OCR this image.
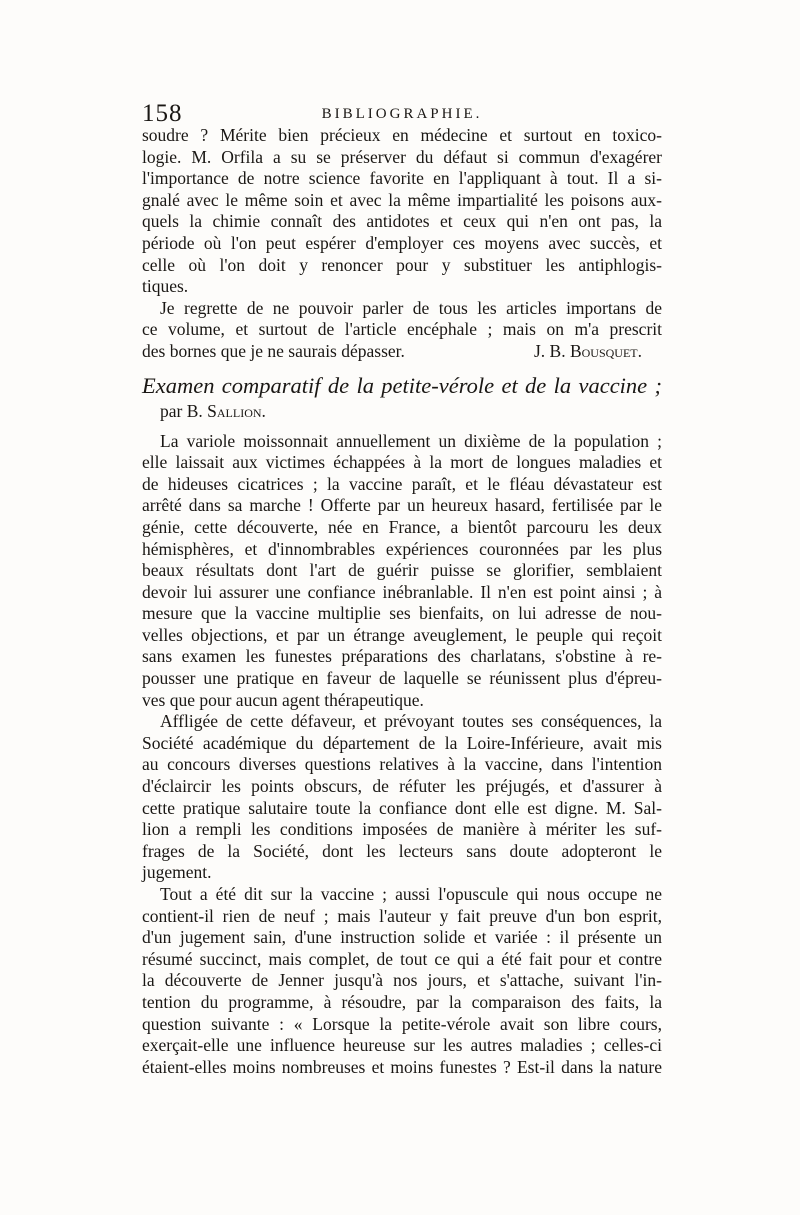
158	BIBLIOGRAPHIE.
soudre ? Mérite bien précieux en médecine et surtout en toxico-
logie. M. Orfila a su se préserver du défaut si commun d'exagérer
l'importance de notre science favorite en l'appliquant à tout. Il a si-
gnalé avec le même soin et avec la même impartialité les poisons aux-
quels la chimie connaît des antidotes et ceux qui n'en ont pas, la
période où l'on peut espérer d'employer ces moyens avec succès, et
celle où l'on doit y renoncer pour y substituer les antiphlogis-
tiques.
Je regrette de ne pouvoir parler de tous les articles importans de
ce volume, et surtout de l'article encéphale ; mais on m'a prescrit
des bornes que je ne saurais dépasser.	J. B. Bousquet.
Examen comparatif de la petite-vérole et de la vaccine ;
par B. Sallion.
La variole moissonnait annuellement un dixième de la population ;
elle laissait aux victimes échappées à la mort de longues maladies et
de hideuses cicatrices ; la vaccine paraît, et le fléau dévastateur est
arrêté dans sa marche ! Offerte par un heureux hasard, fertilisée par le
génie, cette découverte, née en France, a bientôt parcouru les deux
hémisphères, et d'innombrables expériences couronnées par les plus
beaux résultats dont l'art de guérir puisse se glorifier, semblaient
devoir lui assurer une confiance inébranlable. Il n'en est point ainsi ; à
mesure que la vaccine multiplie ses bienfaits, on lui adresse de nou-
velles objections, et par un étrange aveuglement, le peuple qui reçoit
sans examen les funestes préparations des charlatans, s'obstine à re-
pousser une pratique en faveur de laquelle se réunissent plus d'épreu-
ves que pour aucun agent thérapeutique.
Affligée de cette défaveur, et prévoyant toutes ses conséquences, la
Société académique du département de la Loire-Inférieure, avait mis
au concours diverses questions relatives à la vaccine, dans l'intention
d'éclaircir les points obscurs, de réfuter les préjugés, et d'assurer à
cette pratique salutaire toute la confiance dont elle est digne. M. Sal-
lion a rempli les conditions imposées de manière à mériter les suf-
frages de la Société, dont les lecteurs sans doute adopteront le
jugement.
Tout a été dit sur la vaccine ; aussi l'opuscule qui nous occupe ne
contient-il rien de neuf ; mais l'auteur y fait preuve d'un bon esprit,
d'un jugement sain, d'une instruction solide et variée : il présente un
résumé succinct, mais complet, de tout ce qui a été fait pour et contre
la découverte de Jenner jusqu'à nos jours, et s'attache, suivant l'in-
tention du programme, à résoudre, par la comparaison des faits, la
question suivante : « Lorsque la petite-vérole avait son libre cours,
exerçait-elle une influence heureuse sur les autres maladies ; celles-ci
étaient-elles moins nombreuses et moins funestes ? Est-il dans la nature
